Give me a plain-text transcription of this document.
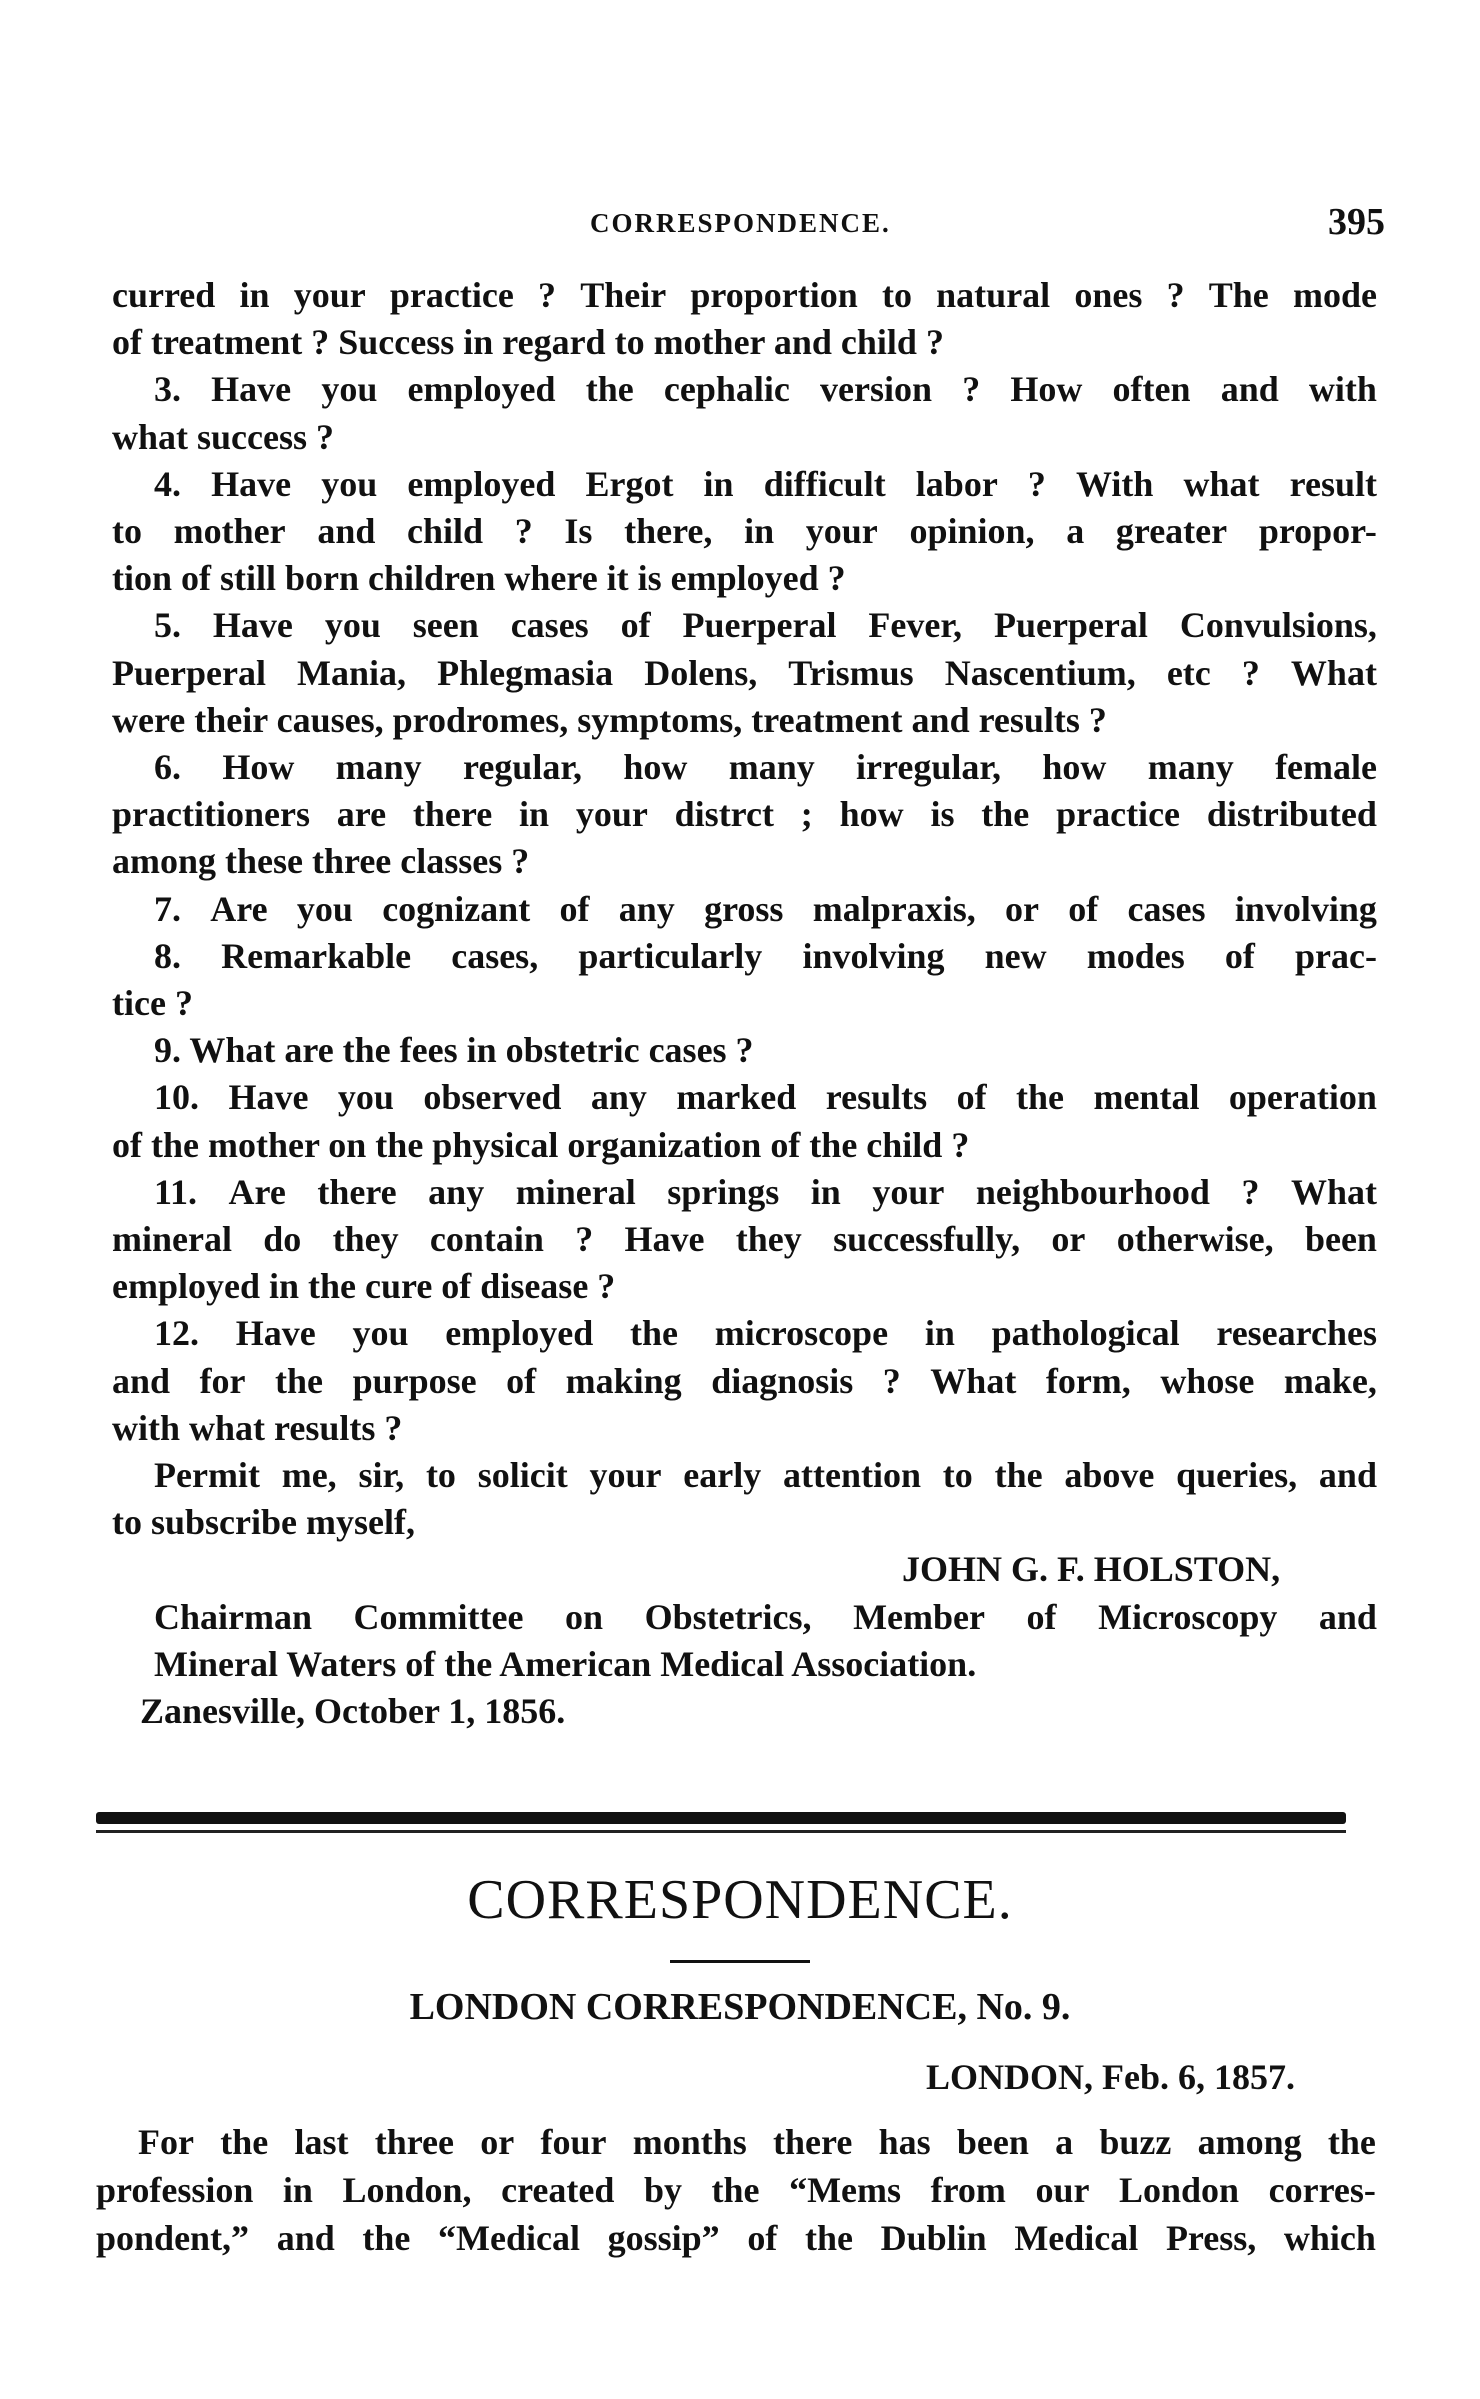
CORRESPONDENCE.	395
curred in your practice ? Their proportion to natural ones ? The mode
of treatment ? Success in regard to mother and child ?
3. Have you employed the cephalic version ? How often and with
what success ?
4. Have you employed Ergot in difficult labor ? With what result
to mother and child ? Is there, in your opinion, a greater propor-
tion of still born children where it is employed ?
5. Have you seen cases of Puerperal Fever, Puerperal Convulsions,
Puerperal Mania, Phlegmasia Dolens, Trismus Nascentium, etc ? What
were their causes, prodromes, symptoms, treatment and results ?
6. How many regular, how many irregular, how many female
practitioners are there in your distrct ; how is the practice distributed
among these three classes ?
7. Are you cognizant of any gross malpraxis, or of cases involving
8. Remarkable cases, particularly involving new modes of prac-
tice ?
9. What are the fees in obstetric cases ?
10. Have you observed any marked results of the mental operation
of the mother on the physical organization of the child ?
11. Are there any mineral springs in your neighbourhood ? What
mineral do they contain ? Have they successfully, or otherwise, been
employed in the cure of disease ?
12. Have you employed the microscope in pathological researches
and for the purpose of making diagnosis ? What form, whose make,
with what results ?
Permit me, sir, to solicit your early attention to the above queries, and
to subscribe myself,
JOHN G. F. HOLSTON,
Chairman Committee on Obstetrics, Member of Microscopy and
Mineral Waters of the American Medical Association.
Zanesville, October 1, 1856.
CORRESPONDENCE.
LONDON CORRESPONDENCE, No. 9.
LONDON, Feb. 6, 1857.
For the last three or four months there has been a buzz among the
profession in London, created by the “Mems from our London corres-
pondent,” and the “Medical gossip” of the Dublin Medical Press, which
